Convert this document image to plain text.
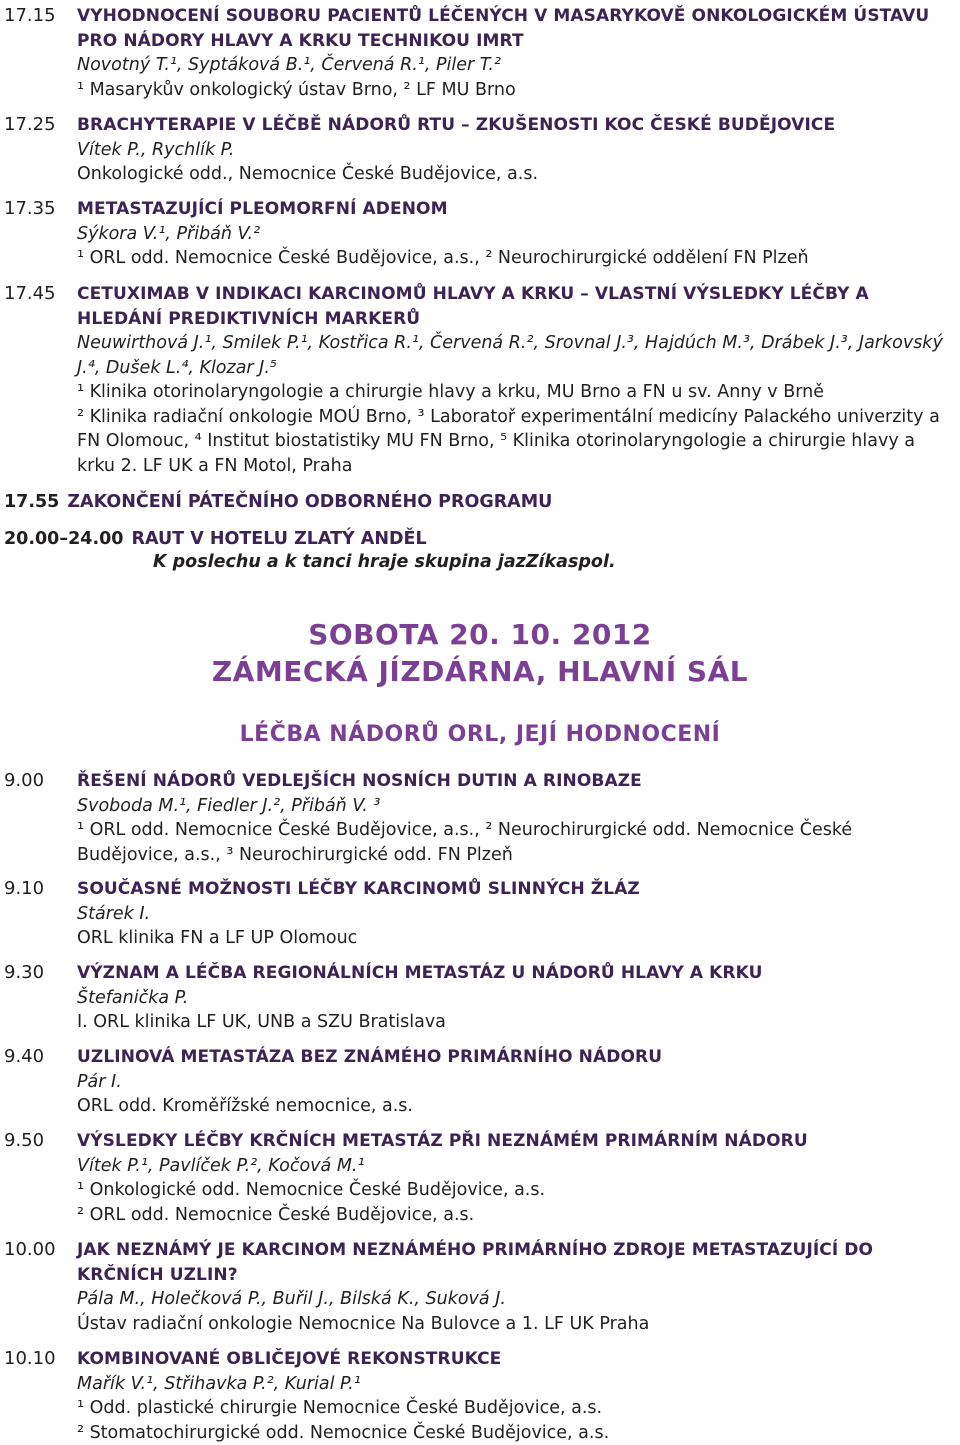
17.15 VYHODNOCENÍ SOUBORU PACIENTŮ LÉČENÝCH V MASARYKOVĚ ONKOLOGICKÉM ÚSTAVU PRO NÁDORY HLAVY A KRKU TECHNIKOU IMRT
Novotný T.¹, Syptáková B.¹, Červená R.¹, Piler T.²
¹ Masarykův onkologický ústav Brno, ² LF MU Brno
17.25 BRACHYTERAPIE V LÉČBĚ NÁDORŮ RTU – ZKUŠENOSTI KOC ČESKÉ BUDĚJOVICE
Vítek P., Rychlík P.
Onkologické odd., Nemocnice České Budějovice, a.s.
17.35 METASTAZUJÍCÍ PLEOMORFNÍ ADENOM
Sýkora V.¹, Přibáň V.²
¹ ORL odd. Nemocnice České Budějovice, a.s., ² Neurochirurgické oddělení FN Plzeň
17.45 CETUXIMAB V INDIKACI KARCINOMŮ HLAVY A KRKU – VLASTNÍ VÝSLEDKY LÉČBY A HLEDÁNÍ PREDIKTIVNÍCH MARKERŮ
Neuwirthová J.¹, Smilek P.¹, Kostřica R.¹, Červená R.², Srovnal J.³, Hajdúch M.³, Drábek J.³, Jarkovský J.⁴, Dušek L.⁴, Klozar J.⁵
¹ Klinika otorinolaryngologie a chirurgie hlavy a krku, MU Brno a FN u sv. Anny v Brně
² Klinika radiační onkologie MOÚ Brno, ³ Laboratoř experimentální medicíny Palackého univerzity a FN Olomouc, ⁴ Institut biostatistiky MU FN Brno, ⁵ Klinika otorinolaryngologie a chirurgie hlavy a krku 2. LF UK a FN Motol, Praha
17.55 ZAKONČENÍ PÁTEČNÍHO ODBORNÉHO PROGRAMU
20.00–24.00 RAUT V HOTELU ZLATÝ ANDĚL
K poslechu a k tanci hraje skupina jazZíkaspol.
SOBOTA 20. 10. 2012
ZÁMECKÁ JÍZDÁRNA, HLAVNÍ SÁL
LÉČBA NÁDORŮ ORL, JEJÍ HODNOCENÍ
9.00 ŘEŠENÍ NÁDORŮ VEDLEJŠÍCH NOSNÍCH DUTIN A RINOBAZE
Svoboda M.¹, Fiedler J.², Přibáň V. ³
¹ ORL odd. Nemocnice České Budějovice, a.s., ² Neurochirurgické odd. Nemocnice České Budějovice, a.s., ³ Neurochirurgické odd. FN Plzeň
9.10 SOUČASNÉ MOŽNOSTI LÉČBY KARCINOMŮ SLINNÝCH ŽLÁZ
Stárek I.
ORL klinika FN a LF UP Olomouc
9.30 VÝZNAM A LÉČBA REGIONÁLNÍCH METASTÁZ U NÁDORŮ HLAVY A KRKU
Štefanička P.
I. ORL klinika LF UK, UNB a SZU Bratislava
9.40 UZLINOVÁ METASTÁZA BEZ ZNÁMÉHO PRIMÁRNÍHO NÁDORU
Pár I.
ORL odd. Kroměřížské nemocnice, a.s.
9.50 VÝSLEDKY LÉČBY KRČNÍCH METASTÁZ PŘI NEZNÁMÉM PRIMÁRNÍM NÁDORU
Vítek P.¹, Pavlíček P.², Kočová M.¹
¹ Onkologické odd. Nemocnice České Budějovice, a.s.
² ORL odd. Nemocnice České Budějovice, a.s.
10.00 JAK NEZNÁMÝ JE KARCINOM NEZNÁMÉHO PRIMÁRNÍHO ZDROJE METASTAZUJÍCÍ DO KRČNÍCH UZLIN?
Pála M., Holečková P., Buřil J., Bilská K., Suková J.
Ústav radiační onkologie Nemocnice Na Bulovce a 1. LF UK Praha
10.10 KOMBINOVANÉ OBLIČEJOVÉ REKONSTRUKCE
Mařík V.¹, Střihavka P.², Kurial P.¹
¹ Odd. plastické chirurgie Nemocnice České Budějovice, a.s.
² Stomatochirurgické odd. Nemocnice České Budějovice, a.s.
